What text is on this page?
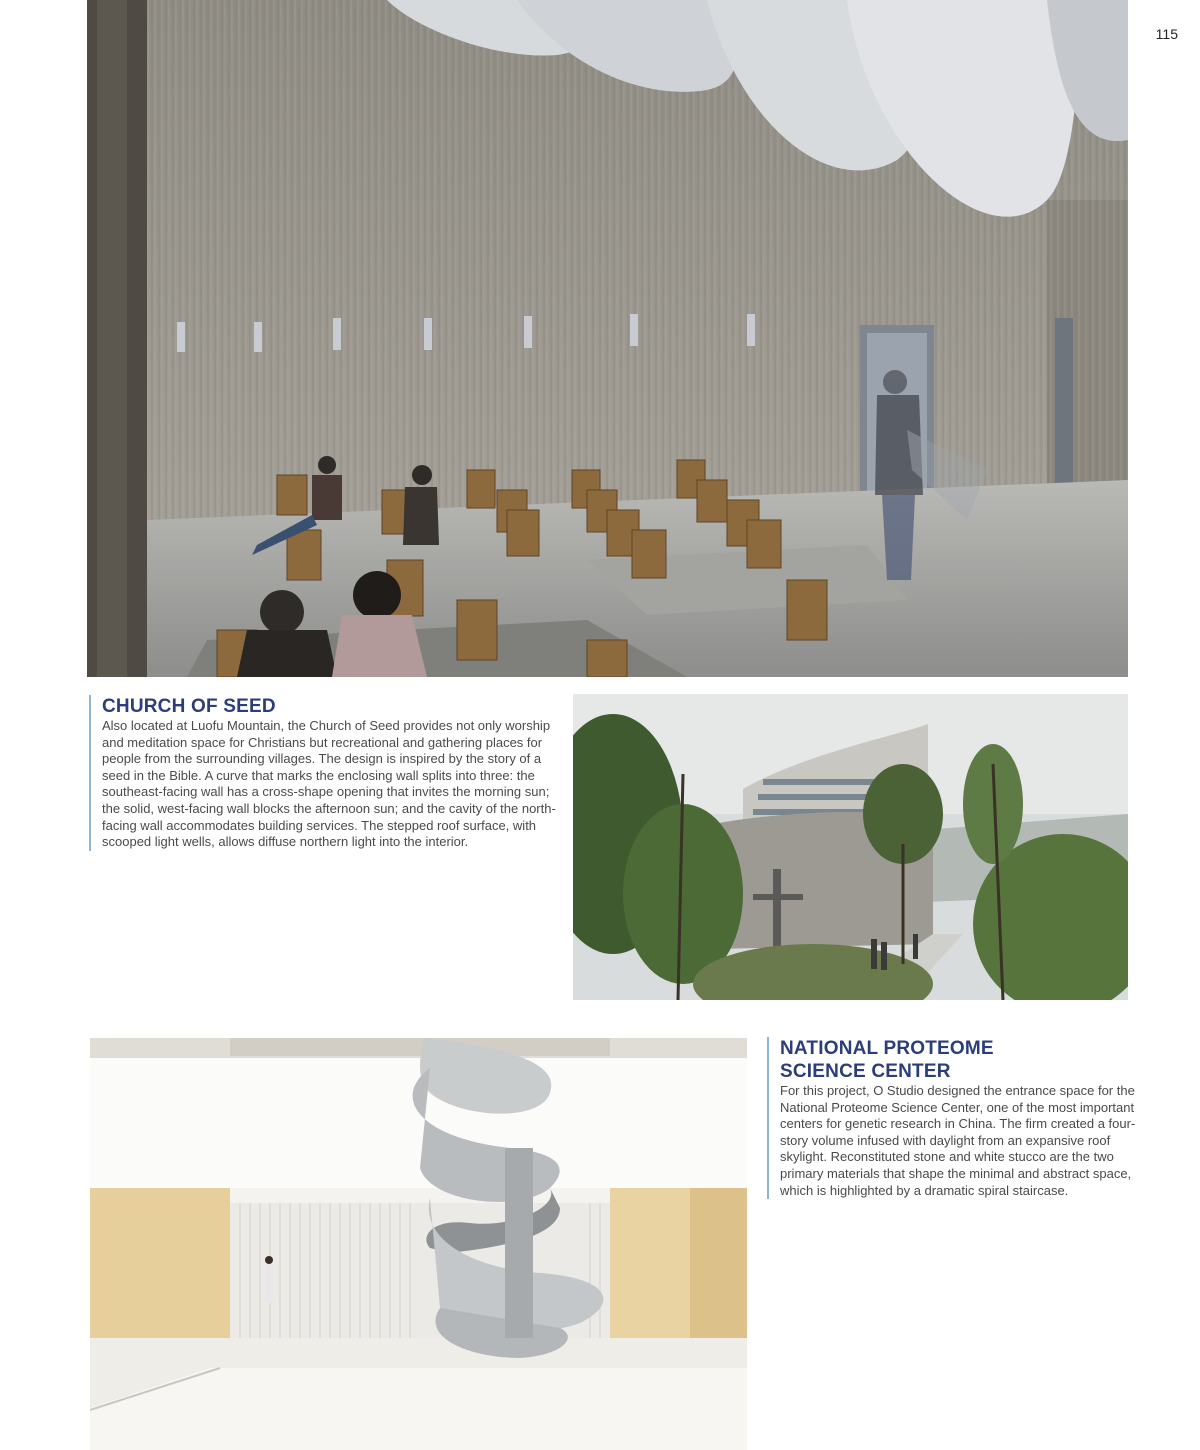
115
CHURCH OF SEED

Also located at Luofu Mountain, the Church of Seed provides not only worship and meditation space for Christians but recreational and gathering places for people from the surrounding villages. The design is inspired by the story of a seed in the Bible. A curve that marks the enclosing wall splits into three: the southeast-facing wall has a cross-shape opening that invites the morning sun; the solid, west-facing wall blocks the afternoon sun; and the cavity of the north-facing wall accommodates building services. The stepped roof surface, with scooped light wells, allows diffuse northern light into the interior.

NATIONAL PROTEOME SCIENCE CENTER

For this project, O Studio designed the entrance space for the National Proteome Science Center, one of the most important centers for genetic research in China. The firm created a four-story volume infused with daylight from an expansive roof skylight. Reconstituted stone and white stucco are the two primary materials that shape the minimal and abstract space, which is highlighted by a dramatic spiral staircase.
